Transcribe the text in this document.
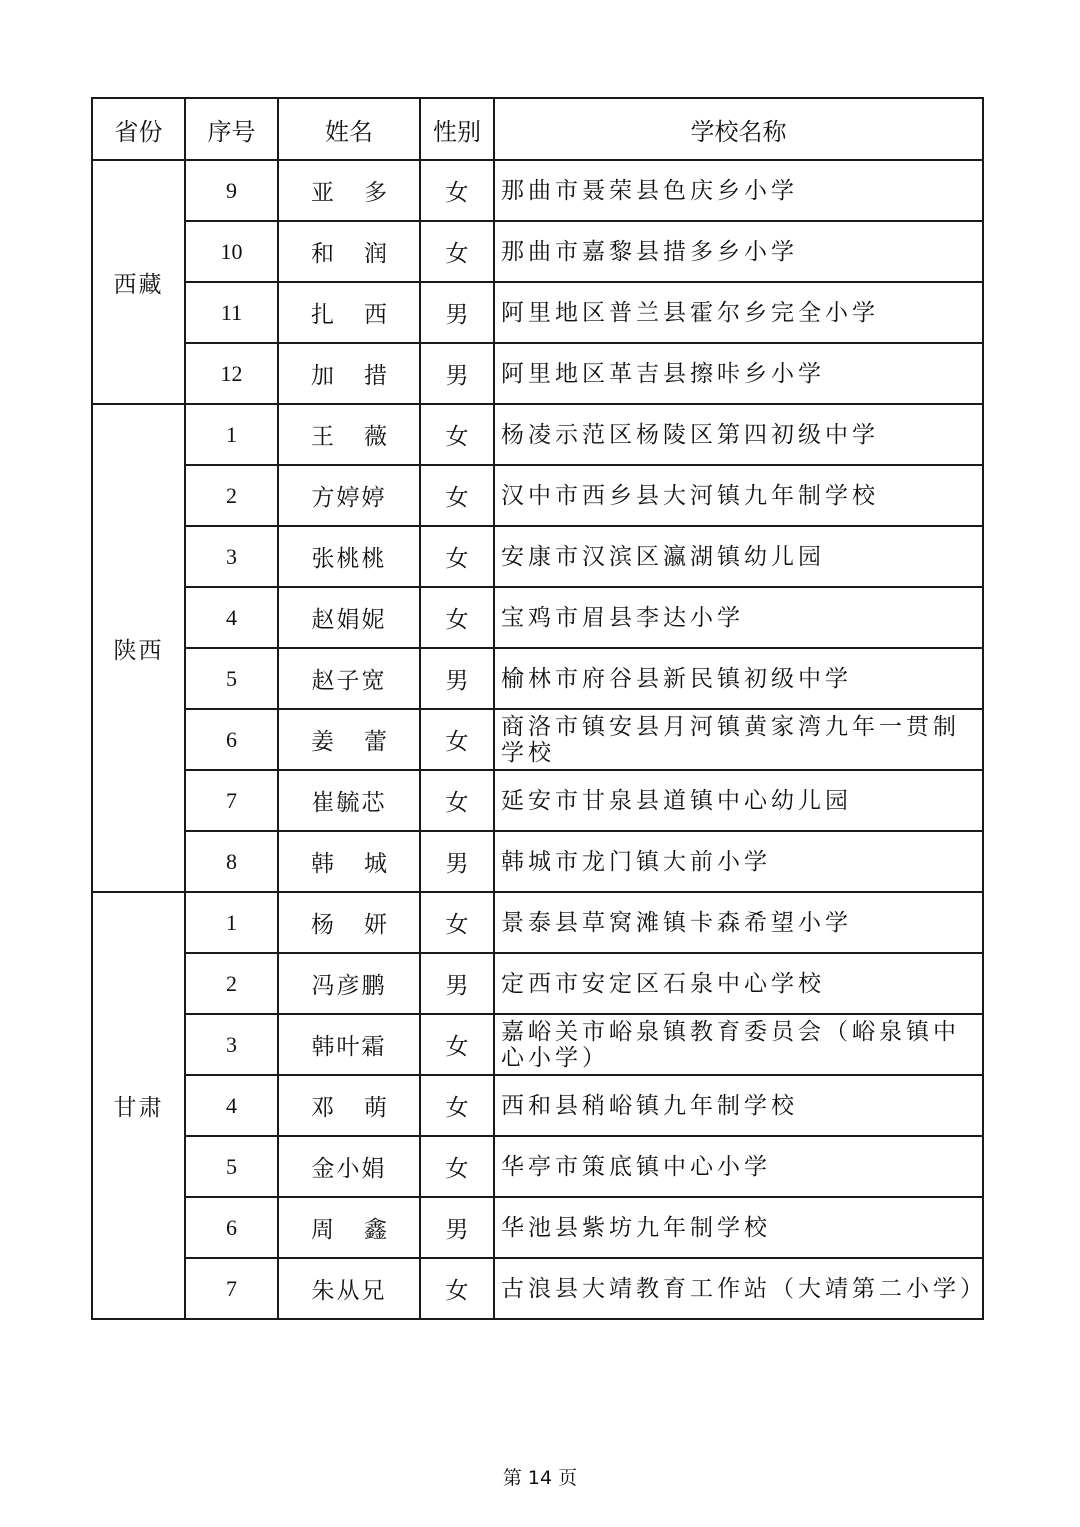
省份	序号	姓名	性别	学校名称
西藏	9	亚多	女	那曲市聂荣县色庆乡小学
	10	和润	女	那曲市嘉黎县措多乡小学
	11	扎西	男	阿里地区普兰县霍尔乡完全小学
	12	加措	男	阿里地区革吉县擦咔乡小学
陕西	1	王薇	女	杨凌示范区杨陵区第四初级中学
	2	方婷婷	女	汉中市西乡县大河镇九年制学校
	3	张桃桃	女	安康市汉滨区瀛湖镇幼儿园
	4	赵娟妮	女	宝鸡市眉县李达小学
	5	赵子宽	男	榆林市府谷县新民镇初级中学
	6	姜蕾	女	商洛市镇安县月河镇黄家湾九年一贯制学校
	7	崔毓芯	女	延安市甘泉县道镇中心幼儿园
	8	韩城	男	韩城市龙门镇大前小学
甘肃	1	杨妍	女	景泰县草窝滩镇卡森希望小学
	2	冯彦鹏	男	定西市安定区石泉中心学校
	3	韩叶霜	女	嘉峪关市峪泉镇教育委员会（峪泉镇中心小学）
	4	邓萌	女	西和县稍峪镇九年制学校
	5	金小娟	女	华亭市策底镇中心小学
	6	周鑫	男	华池县紫坊九年制学校
	7	朱从兄	女	古浪县大靖教育工作站（大靖第二小学）
第 14 页
